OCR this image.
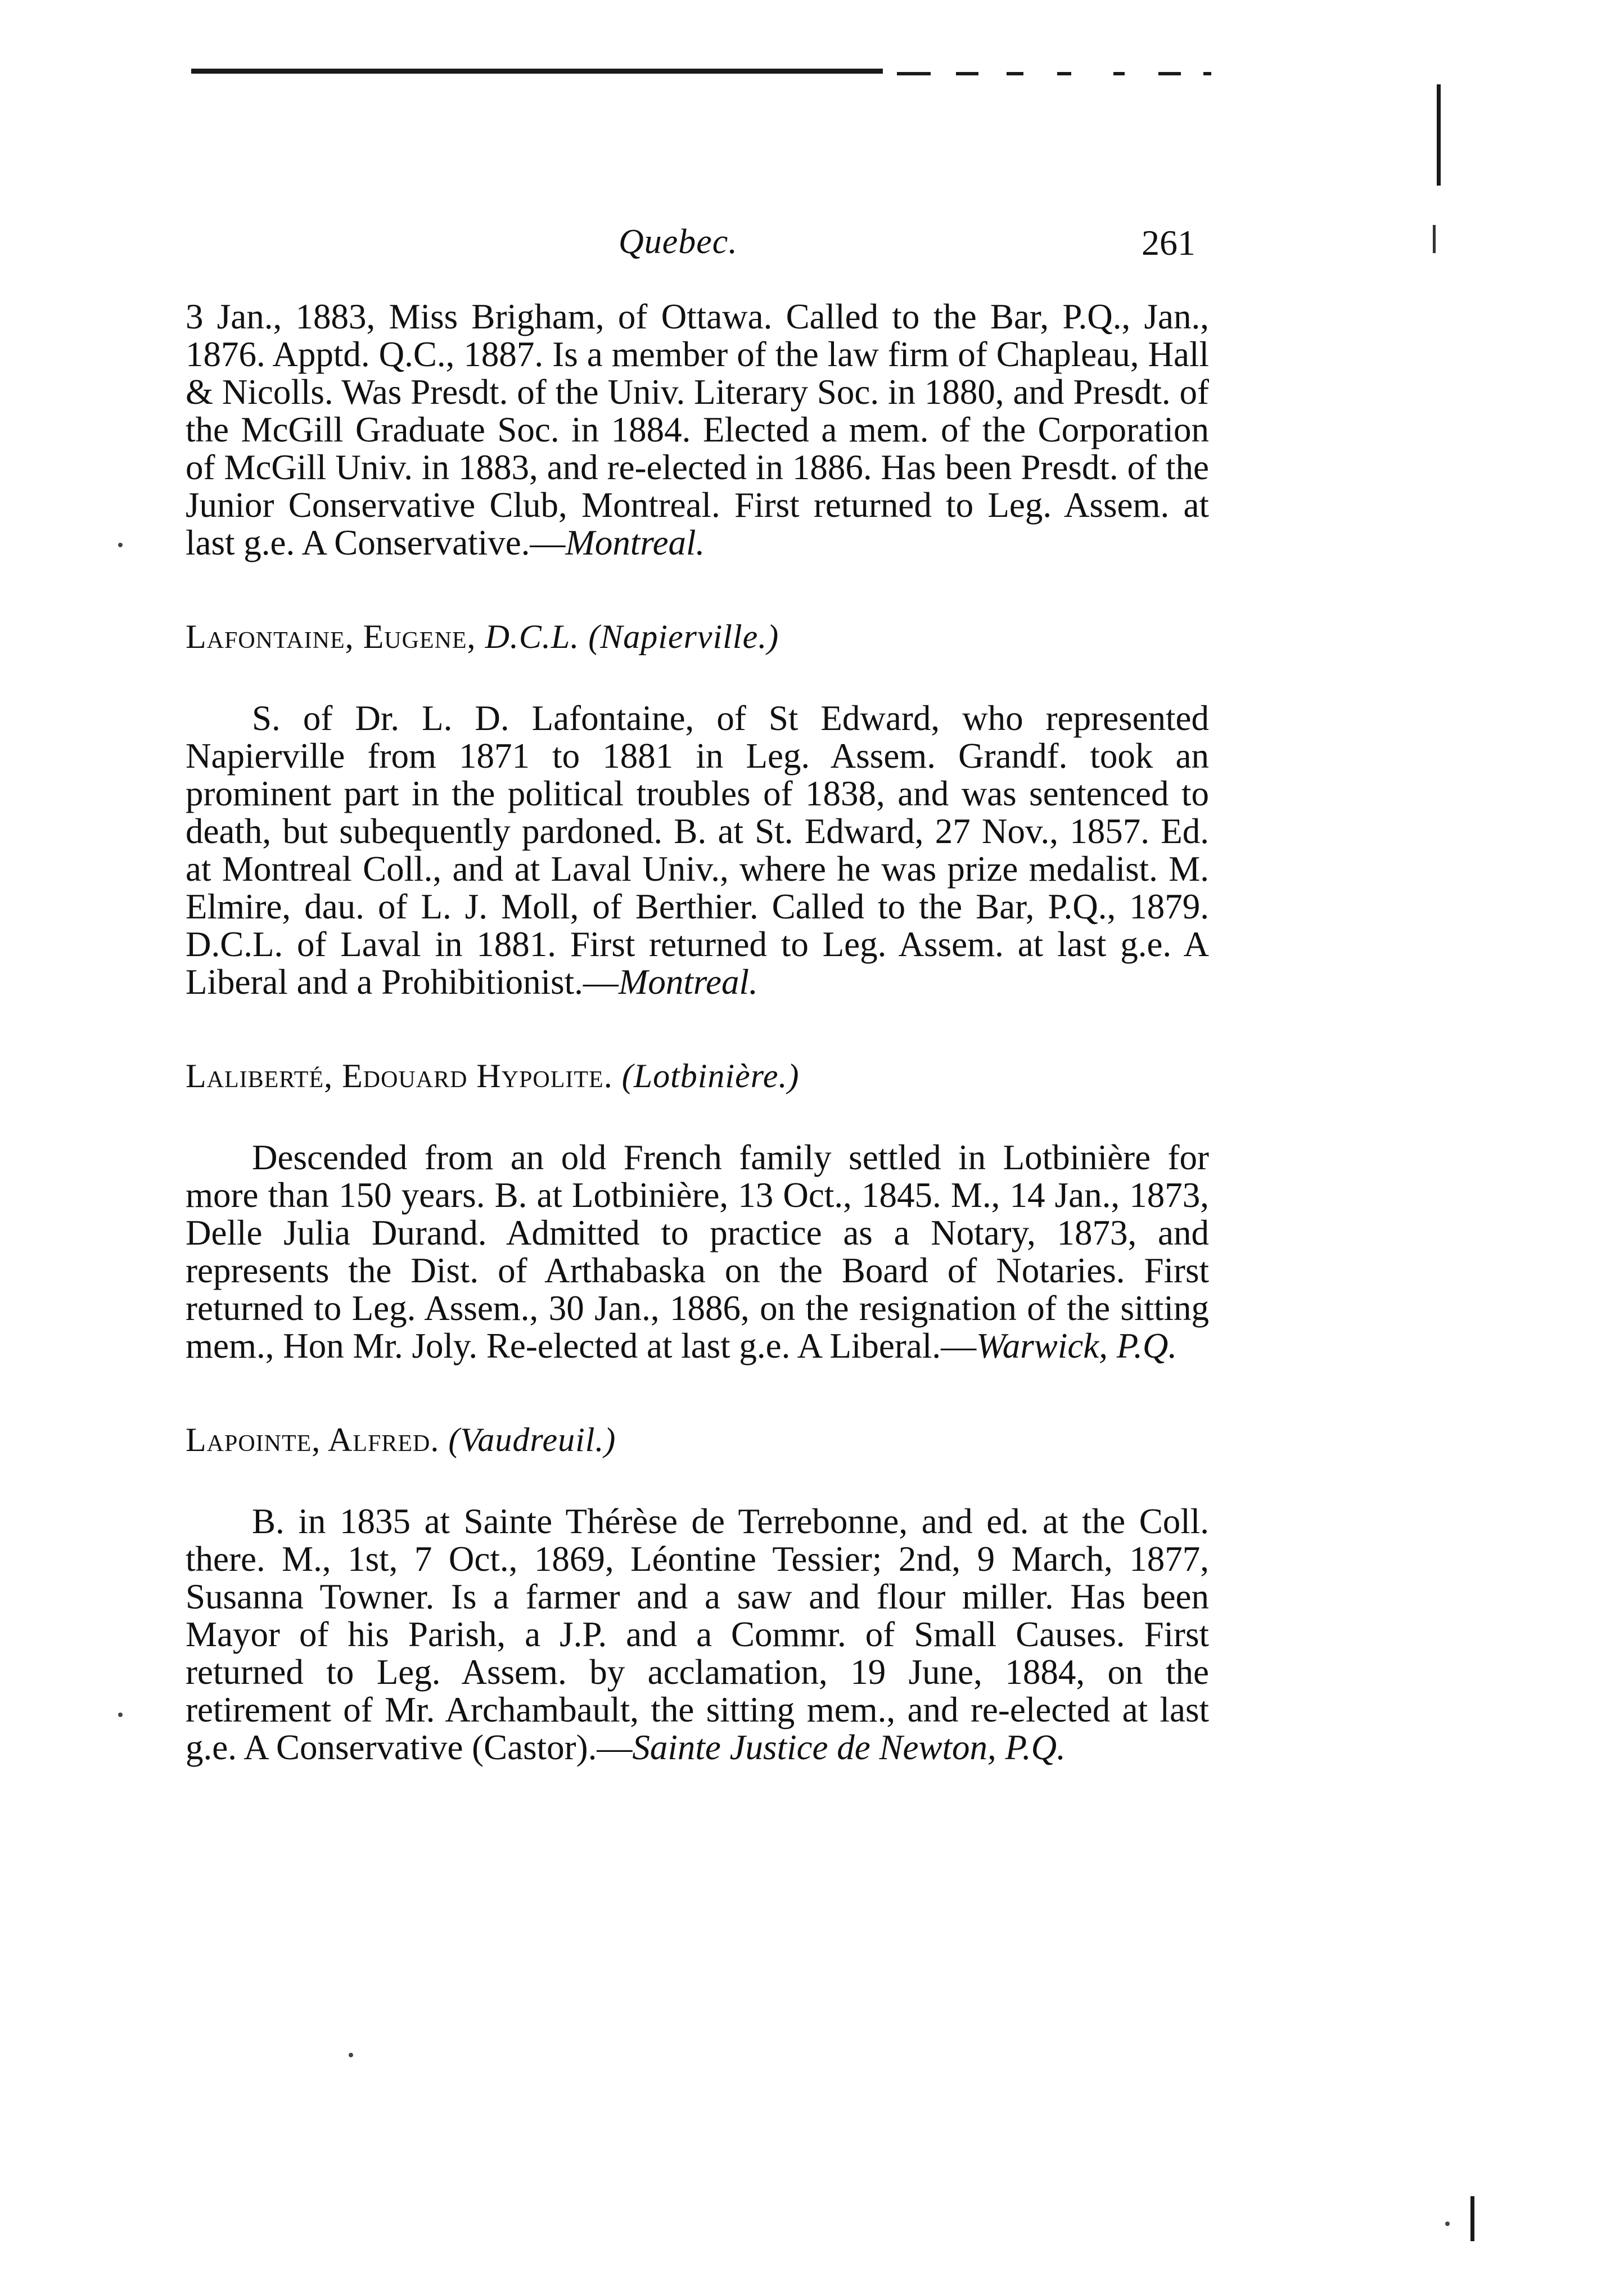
Quebec.	261

3 Jan., 1883, Miss Brigham, of Ottawa. Called to the Bar, P.Q., Jan., 1876. Apptd. Q.C., 1887. Is a member of the law firm of Chapleau, Hall & Nicolls. Was Presdt. of the Univ. Literary Soc. in 1880, and Presdt. of the McGill Graduate Soc. in 1884. Elected a mem. of the Corporation of McGill Univ. in 1883, and re-elected in 1886. Has been Presdt. of the Junior Conservative Club, Montreal. First returned to Leg. Assem. at last g.e. A Conservative.—Montreal.

Lafontaine, Eugene, D.C.L. (Napierville.)

S. of Dr. L. D. Lafontaine, of St Edward, who represented Napierville from 1871 to 1881 in Leg. Assem. Grandf. took an prominent part in the political troubles of 1838, and was sentenced to death, but subequently pardoned. B. at St. Edward, 27 Nov., 1857. Ed. at Montreal Coll., and at Laval Univ., where he was prize medalist. M. Elmire, dau. of L. J. Moll, of Berthier. Called to the Bar, P.Q., 1879. D.C.L. of Laval in 1881. First returned to Leg. Assem. at last g.e. A Liberal and a Prohibitionist.—Montreal.

Laliberté, Edouard Hypolite. (Lotbinière.)

Descended from an old French family settled in Lotbinière for more than 150 years. B. at Lotbinière, 13 Oct., 1845. M., 14 Jan., 1873, Delle Julia Durand. Admitted to practice as a Notary, 1873, and represents the Dist. of Arthabaska on the Board of Notaries. First returned to Leg. Assem., 30 Jan., 1886, on the resignation of the sitting mem., Hon Mr. Joly. Re-elected at last g.e. A Liberal.—Warwick, P.Q.

Lapointe, Alfred. (Vaudreuil.)

B. in 1835 at Sainte Thérèse de Terrebonne, and ed. at the Coll. there. M., 1st, 7 Oct., 1869, Léontine Tessier; 2nd, 9 March, 1877, Susanna Towner. Is a farmer and a saw and flour miller. Has been Mayor of his Parish, a J.P. and a Commr. of Small Causes. First returned to Leg. Assem. by acclamation, 19 June, 1884, on the retirement of Mr. Archambault, the sitting mem., and re-elected at last g.e. A Conservative (Castor).—Sainte Justice de Newton, P.Q.
